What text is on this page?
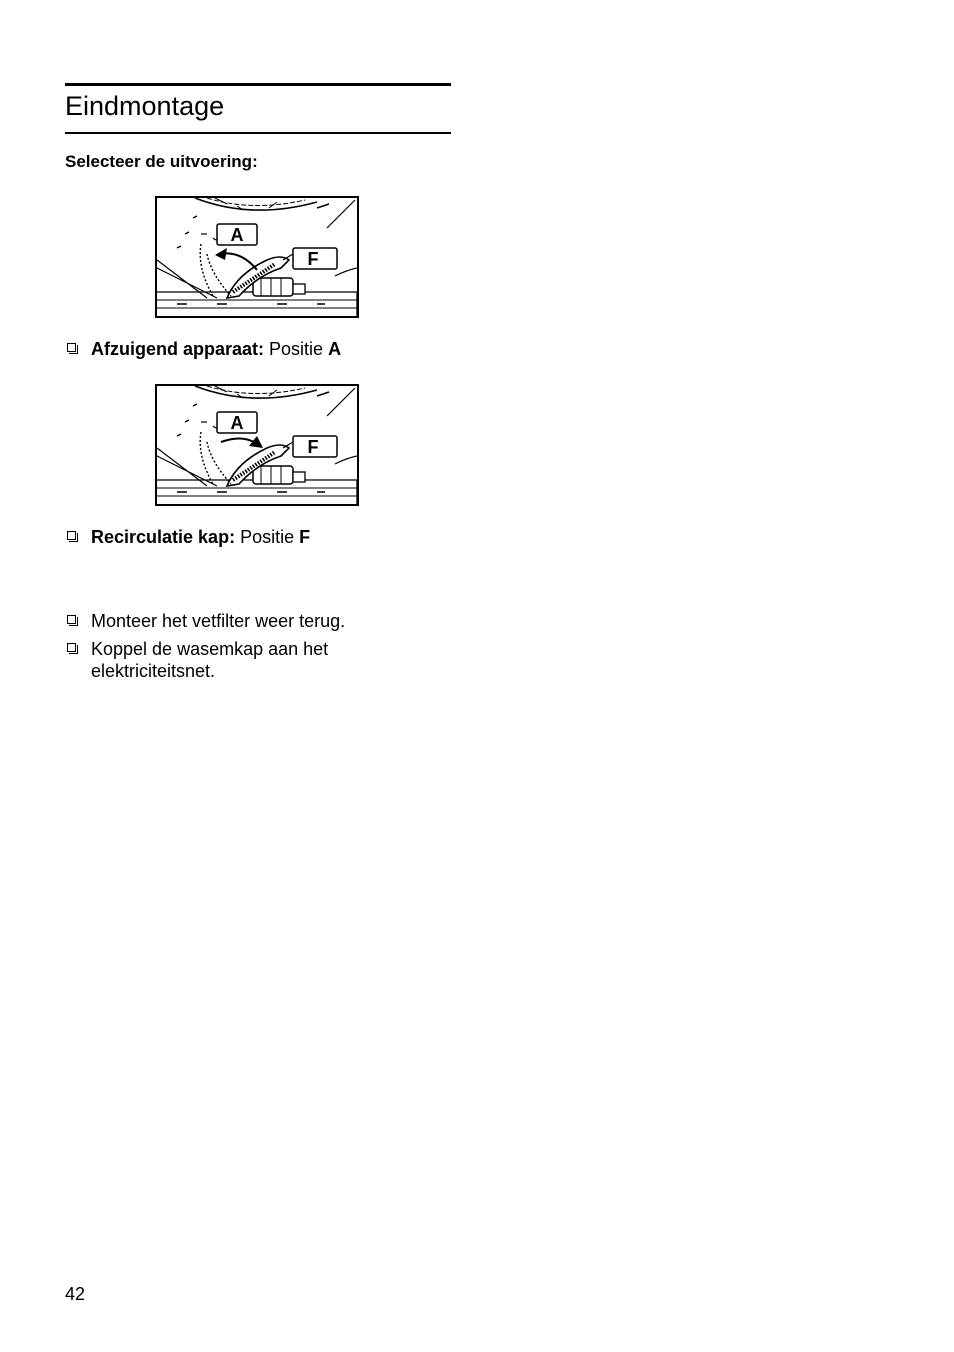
Eindmontage

Selecteer de uitvoering:

A
F
Afzuigend apparaat: Positie A
A
F
Recirculatie kap: Positie F
Monteer het vetfilter weer terug.
Koppel de wasemkap aan het elektriciteitsnet.
42
